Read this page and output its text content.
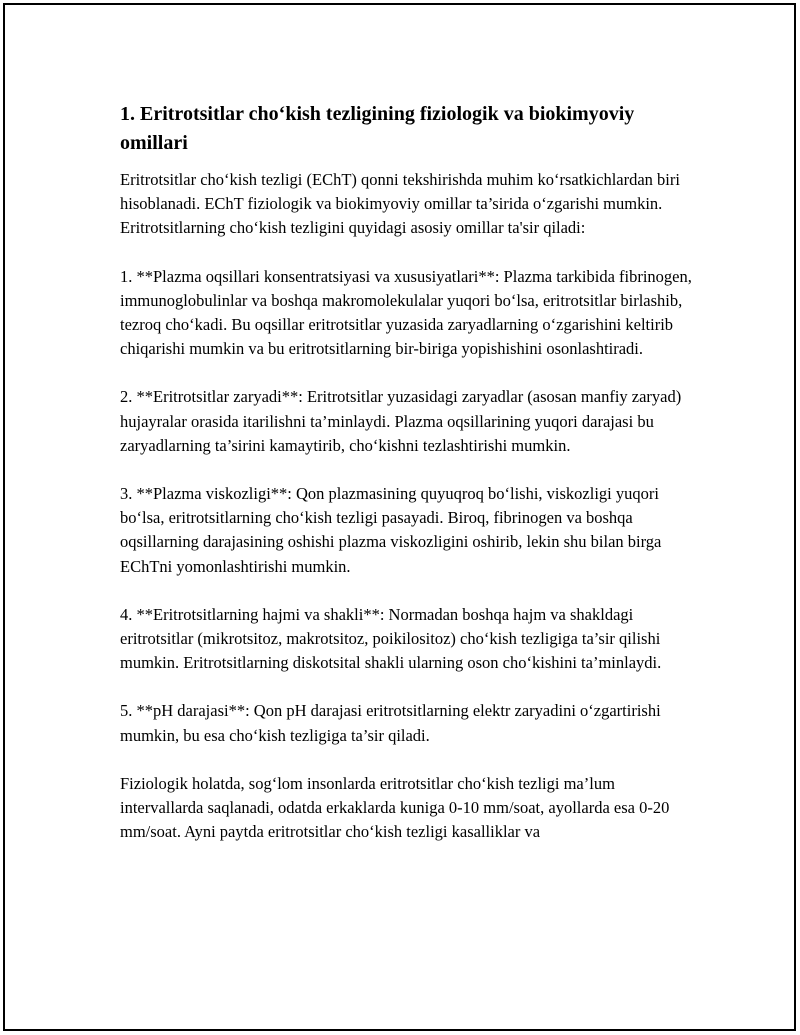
1. Eritrotsitlar cho‘kish tezligining fiziologik va biokimyoviy omillari

Eritrotsitlar cho‘kish tezligi (EChT) qonni tekshirishda muhim ko‘rsatkichlardan biri hisoblanadi. EChT fiziologik va biokimyoviy omillar ta’sirida o‘zgarishi mumkin. Eritrotsitlarning cho‘kish tezligini quyidagi asosiy omillar ta'sir qiladi:

1. **Plazma oqsillari konsentratsiyasi va xususiyatlari**: Plazma tarkibida fibrinogen, immunoglobulinlar va boshqa makromolekulalar yuqori bo‘lsa, eritrotsitlar birlashib, tezroq cho‘kadi. Bu oqsillar eritrotsitlar yuzasida zaryadlarning o‘zgarishini keltirib chiqarishi mumkin va bu eritrotsitlarning bir-biriga yopishishini osonlashtiradi.

2. **Eritrotsitlar zaryadi**: Eritrotsitlar yuzasidagi zaryadlar (asosan manfiy zaryad) hujayralar orasida itarilishni ta’minlaydi. Plazma oqsillarining yuqori darajasi bu zaryadlarning ta’sirini kamaytirib, cho‘kishni tezlashtirishi mumkin.

3. **Plazma viskozligi**: Qon plazmasining quyuqroq bo‘lishi, viskozligi yuqori bo‘lsa, eritrotsitlarning cho‘kish tezligi pasayadi. Biroq, fibrinogen va boshqa oqsillarning darajasining oshishi plazma viskozligini oshirib, lekin shu bilan birga EChTni yomonlashtirishi mumkin.

4. **Eritrotsitlarning hajmi va shakli**: Normadan boshqa hajm va shakldagi eritrotsitlar (mikrotsitoz, makrotsitoz, poikilositoz) cho‘kish tezligiga ta’sir qilishi mumkin. Eritrotsitlarning diskotsital shakli ularning oson cho‘kishini ta’minlaydi.

5. **pH darajasi**: Qon pH darajasi eritrotsitlarning elektr zaryadini o‘zgartirishi mumkin, bu esa cho‘kish tezligiga ta’sir qiladi.

Fiziologik holatda, sog‘lom insonlarda eritrotsitlar cho‘kish tezligi ma’lum intervallarda saqlanadi, odatda erkaklarda kuniga 0-10 mm/soat, ayollarda esa 0-20 mm/soat. Ayni paytda eritrotsitlar cho‘kish tezligi kasalliklar va
